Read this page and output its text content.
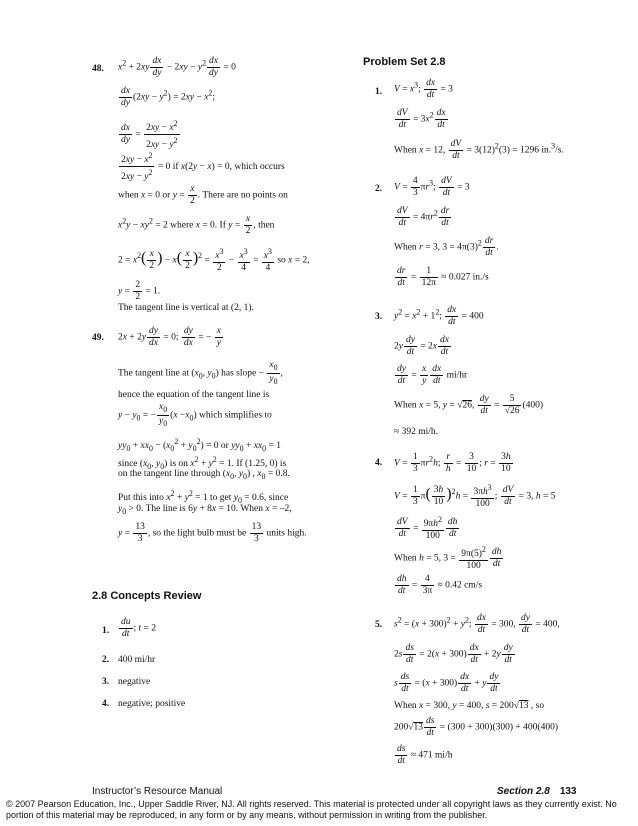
48. $x^2 + 2xy \frac{dx}{dy} - 2xy - y^2 \frac{dx}{dy} = 0$
$\frac{dx}{dy} (2xy - y^2) = 2xy - x^2$;
$\frac{dx}{dy} = \frac{2xy - x^2}{2xy - y^2}$
$\frac{2xy - x^2}{2xy - y^2} = 0$ if x(2y − x) = 0, which occurs
when x = 0 or $y = \frac{x}{2}$ . There are no points on
$x^2y - xy^2 = 2$ where x = 0. If $y = \frac{x}{2}$ , then
$2 = x^2( \frac{x}{2}$ ) − $x( \frac{x}{2} )^2 = \frac{x^3}{2} - \frac{x^3}{4} = \frac{x^3}{4}$ so x = 2,
$y = \frac{2}{2} = 1$.
The tangent line is vertical at (2, 1).
49. $2x + 2y \frac{dy}{dx} = 0$; $\frac{dy}{dx}$ = − $\frac{x}{y}$
The tangent line at ($x_0$, $y_0$) has slope − $\frac{x_0}{y_0}$ ,
hence the equation of the tangent line is
$y - y_0$ = − $\frac{x_0}{y_0} (x -x_0)$ which simplifies to
$yy_0 + xx_0 - (x_0^2 + y_0^2) = 0$ or $yy_0 + xx_0 = 1$
since ($x_0$, $y_0$) is on $x^2 + y^2 = 1$. If (1.25, 0) is
on the tangent line through ($x_0$, $y_0$) , $x_0 = 0.8$.
Put this into $x^2 + y^2 = 1$ to get $y_0 = 0.6$, since
$y_0 > 0$. The line is 6y + 8x = 10. When x = –2,
$y = \frac{13}{3}$ , so the light bulb must be $\frac{13}{3}$ units high.
2.8 Concepts Review
1. $\frac{du}{dt}$ ; t = 2
2. 400 mi/hr
3. negative
4. negative; positive
Problem Set 2.8
1. $V = x^3$; $\frac{dx}{dt} = 3$
$\frac{dV}{dt} = 3x^2 \frac{dx}{dt}$
When x = 12, $\frac{dV}{dt} = 3(12)^2(3) = 1296$ in.$^3$/s.
2. $V = \frac{4}{3} \pi r^3$; $\frac{dV}{dt} = 3$
$\frac{dV}{dt} = 4\pi r^2 \frac{dr}{dt}$
When r = 3, $3 = 4\pi(3)^2 \frac{dr}{dt}$ .
$\frac{dr}{dt} = \frac{1}{12\pi} \approx 0.027$ in./s
3. $y^2 = x^2 + 1^2$; $\frac{dx}{dt} = 400$
$2y \frac{dy}{dt} = 2x \frac{dx}{dt}$
$\frac{dy}{dt} = \frac{x}{y} \frac{dx}{dt} mi/hr$
When x = 5, y = √26, $\frac{dy}{dt} = \frac{5}{√26} (400)$
≈ 392 mi/h.
4. $V = \frac{1}{3} \pi r^2h$; $\frac{r}{h} = \frac{3}{10}$ ; $r = \frac{3h}{10}$
$V = \frac{1}{3} \pi( \frac{3h}{10} )^2h = \frac{3\pi h^3}{100}$ ; $\frac{dV}{dt} = 3$, h = 5
$\frac{dV}{dt} = \frac{9\pi h^2}{100} \frac{dh}{dt}$
When h = 5, $3 = \frac{9\pi(5)^2}{100} \frac{dh}{dt}$
$\frac{dh}{dt} = \frac{4}{3\pi} \approx 0.42$ cm/s
5. $s^2 = (x + 300)^2 + y^2$; $\frac{dx}{dt} = 300$, $\frac{dy}{dt} = 400$,
$2s \frac{ds}{dt} = 2(x + 300) \frac{dx}{dt} + 2y \frac{dy}{dt}$
s $\frac{ds}{dt} = (x + 300) \frac{dx}{dt} + y \frac{dy}{dt}$
When x = 300, y = 400, s = 200√13 , so
$200√13 \frac{ds}{dt} = (300 + 300)(300) + 400(400)$
$\frac{ds}{dt} \approx 471$ mi/h
Instructor’s Resource Manual	Section 2.8 133
© 2007 Pearson Education, Inc., Upper Saddle River, NJ. All rights reserved. This material is protected under all copyright laws as they currently exist. No portion of this material may be reproduced, in any form or by any means, without permission in writing from the publisher.
